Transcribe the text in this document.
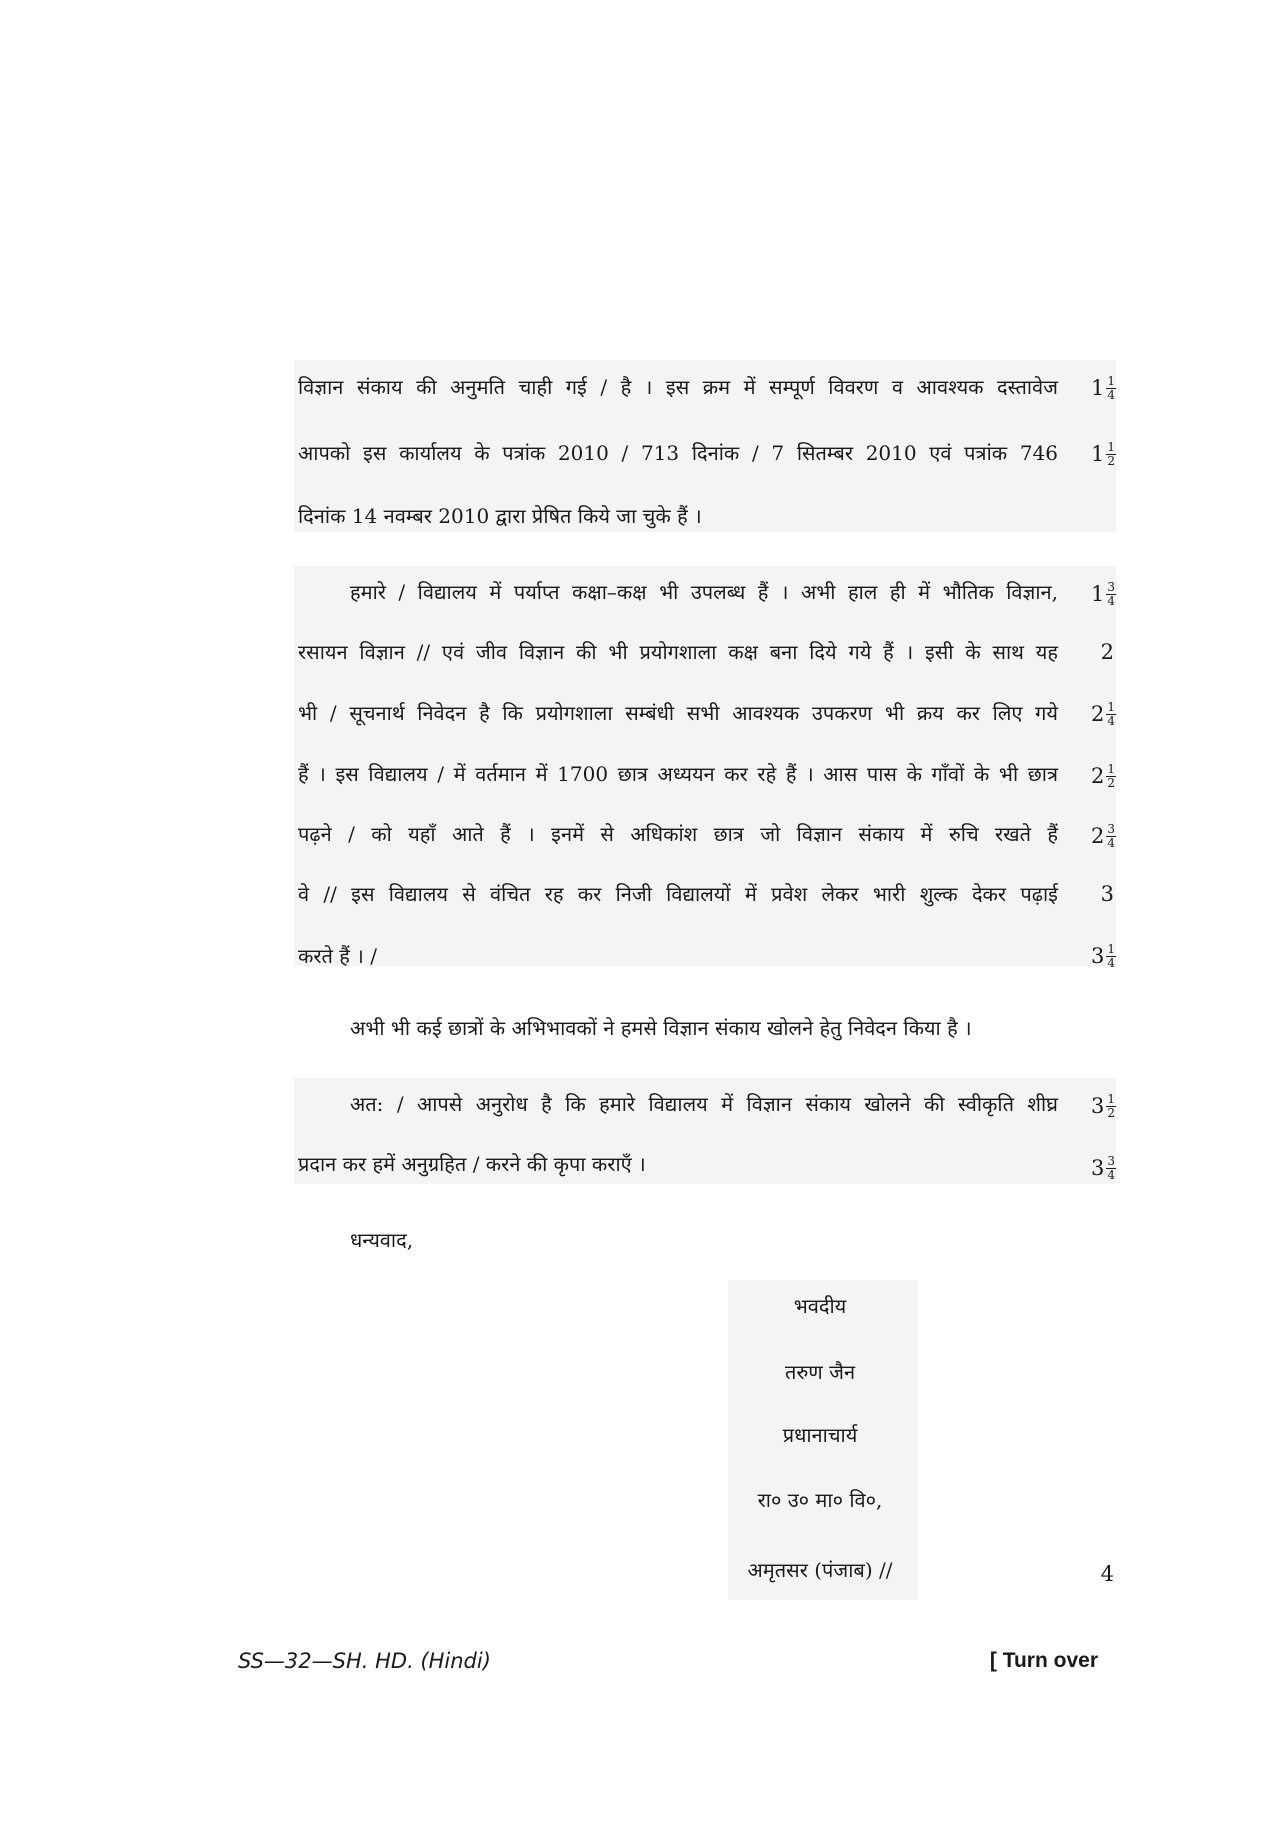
विज्ञान संकाय की अनुमति चाही गई / है । इस क्रम में सम्पूर्ण विवरण व आवश्यक दस्तावेज $1 \frac{1}{4}$
आपको इस कार्यालय के पत्रांक 2010 / 713 दिनांक / 7 सितम्बर 2010 एवं पत्रांक 746 $1 \frac{1}{2}$
दिनांक 14 नवम्बर 2010 द्वारा प्रेषित किये जा चुके हैं ।
हमारे / विद्यालय में पर्याप्त कक्षा–कक्ष भी उपलब्ध हैं । अभी हाल ही में भौतिक विज्ञान, $1 \frac{3}{4}$
रसायन विज्ञान // एवं जीव विज्ञान की भी प्रयोगशाला कक्ष बना दिये गये हैं । इसी के साथ यह 2
भी / सूचनार्थ निवेदन है कि प्रयोगशाला सम्बंधी सभी आवश्यक उपकरण भी क्रय कर लिए गये $2 \frac{1}{4}$
हैं । इस विद्यालय / में वर्तमान में 1700 छात्र अध्ययन कर रहे हैं । आस पास के गाँवों के भी छात्र $2 \frac{1}{2}$
पढ़ने / को यहाँ आते हैं । इनमें से अधिकांश छात्र जो विज्ञान संकाय में रुचि रखते हैं $2 \frac{3}{4}$
वे // इस विद्यालय से वंचित रह कर निजी विद्यालयों में प्रवेश लेकर भारी शुल्क देकर पढ़ाई 3
करते हैं । /	$3 \frac{1}{4}$
अभी भी कई छात्रों के अभिभावकों ने हमसे विज्ञान संकाय खोलने हेतु निवेदन किया है ।
अत: / आपसे अनुरोध है कि हमारे विद्यालय में विज्ञान संकाय खोलने की स्वीकृति शीघ्र $3 \frac{1}{2}$
प्रदान कर हमें अनुग्रहित / करने की कृपा कराएँ ।	$3 \frac{3}{4}$
धन्यवाद,
भवदीय
तरुण जैन
प्रधानाचार्य
रा० उ० मा० वि०,
अमृतसर (पंजाब) //	4
SS—32—SH. HD. (Hindi)	[ Turn over
